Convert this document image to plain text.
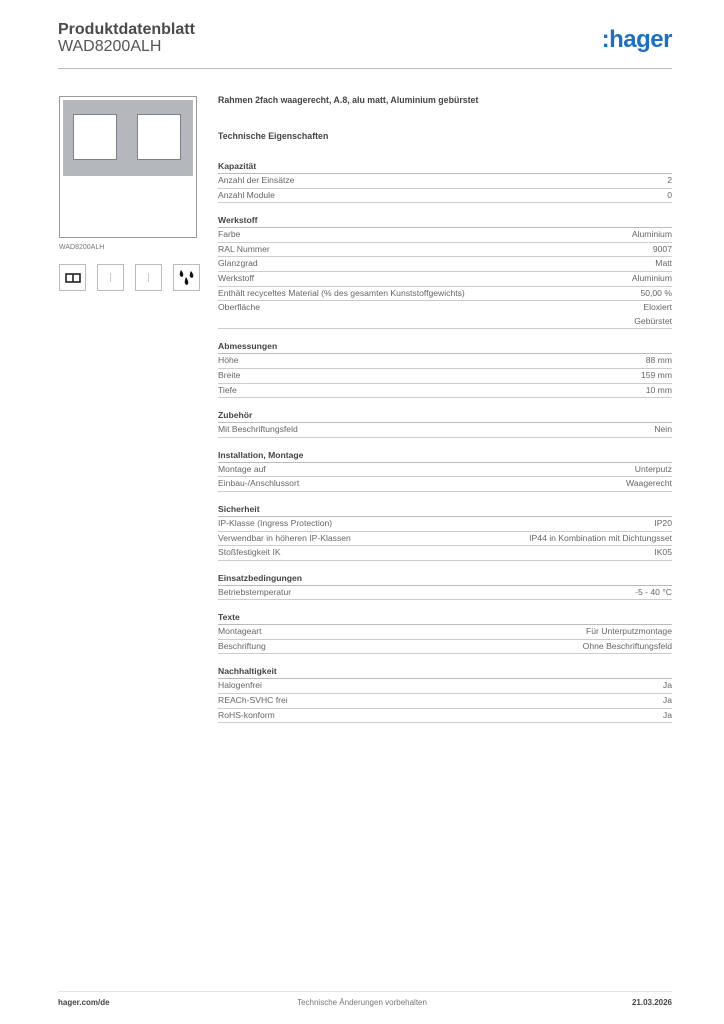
Produktdatenblatt
WAD8200ALH	:hager
WAD8200ALH
Rahmen 2fach waagerecht, A.8, alu matt, Aluminium gebürstet
Technische Eigenschaften
Kapazität
Anzahl der Einsätze	2
Anzahl Module	0
Werkstoff
Farbe	Aluminium
RAL Nummer	9007
Glanzgrad	Matt
Werkstoff	Aluminium
Enthält recyceltes Material (% des gesamten Kunststoffgewichts)	50,00 %
Oberfläche	Eloxiert
Gebürstet
Abmessungen
Höhe	88 mm
Breite	159 mm
Tiefe	10 mm
Zubehör
Mit Beschriftungsfeld	Nein
Installation, Montage
Montage auf	Unterputz
Einbau-/Anschlussort	Waagerecht
Sicherheit
IP-Klasse (Ingress Protection)	IP20
Verwendbar in höheren IP-Klassen	IP44 in Kombination mit Dichtungsset
Stoßfestigkeit IK	IK05
Einsatzbedingungen
Betriebstemperatur	-5 - 40 °C
Texte
Montageart	Für Unterputzmontage
Beschriftung	Ohne Beschriftungsfeld
Nachhaltigkeit
Halogenfrei	Ja
REACh-SVHC frei	Ja
RoHS-konform	Ja
hager.com/de	Technische Änderungen vorbehalten	21.03.2026
